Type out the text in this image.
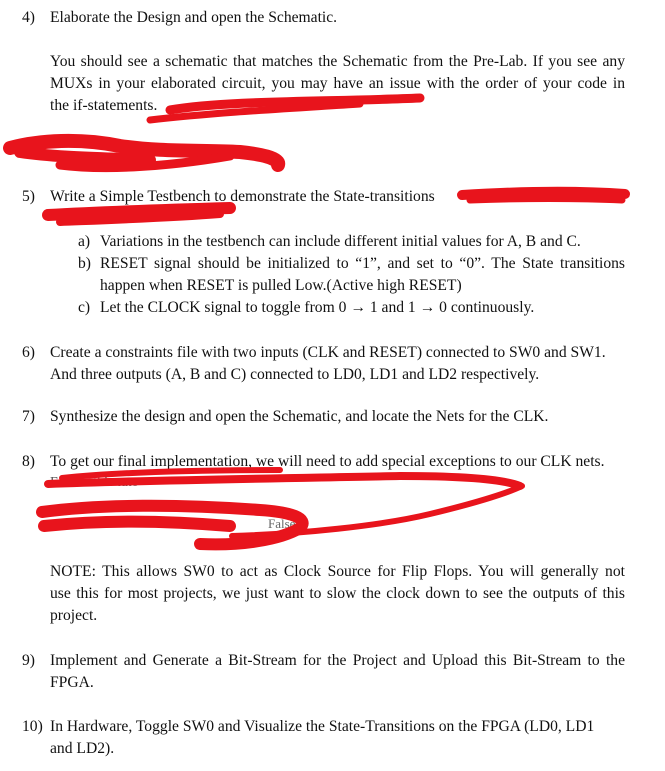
4) Elaborate the Design and open the Schematic.
You should see a schematic that matches the Schematic from the Pre-Lab. If you see any
MUXs in your elaborated circuit, you may have an issue with the order of your code in
the if-statements.
5) Write a Simple Testbench to demonstrate the State-transitions
a) Variations in the testbench can include different initial values for A, B and C.
b) RESET signal should be initialized to “1”, and set to “0”. The State transitions
happen when RESET is pulled Low.(Active high RESET)
c) Let the CLOCK signal to toggle from 0 → 1 and 1 → 0 continuously.
6) Create a constraints file with two inputs (CLK and RESET) connected to SW0 and SW1.
And three outputs (A, B and C) connected to LD0, LD1 and LD2 respectively.
7) Synthesize the design and open the Schematic, and locate the Nets for the CLK.
8) To get our final implementation, we will need to add special exceptions to our CLK nets.
Follow this tuto
False
NOTE: This allows SW0 to act as Clock Source for Flip Flops. You will generally not
use this for most projects, we just want to slow the clock down to see the outputs of this
project.
9) Implement and Generate a Bit-Stream for the Project and Upload this Bit-Stream to the
FPGA.
10) In Hardware, Toggle SW0 and Visualize the State-Transitions on the FPGA (LD0, LD1
and LD2).
